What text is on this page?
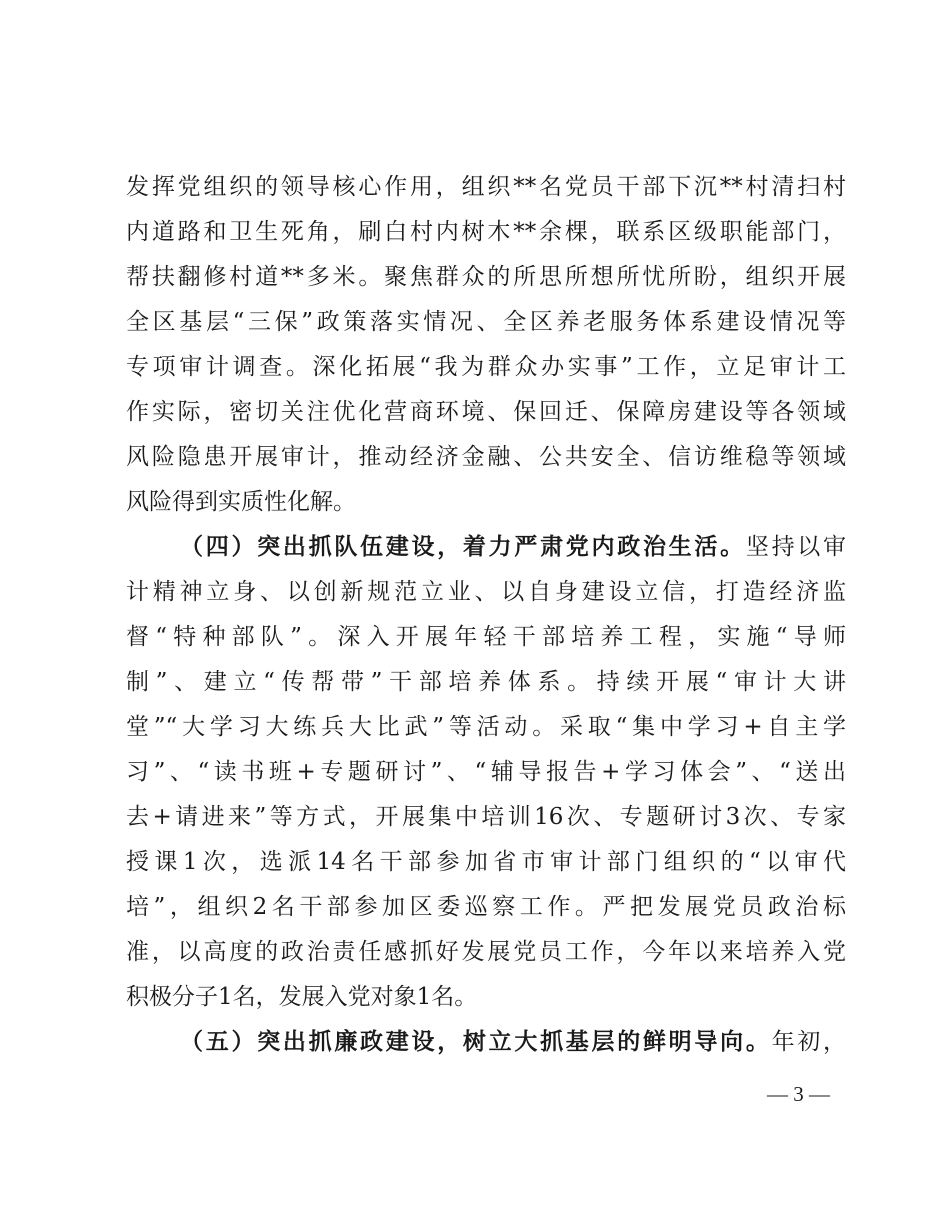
发挥党组织的领导核心作用，组织**名党员干部下沉**村清扫村
内道路和卫生死角，刷白村内树木**余棵，联系区级职能部门，
帮扶翻修村道**多米。聚焦群众的所思所想所忧所盼，组织开展
全区基层“三保”政策落实情况、全区养老服务体系建设情况等
专项审计调查。深化拓展“我为群众办实事”工作，立足审计工
作实际，密切关注优化营商环境、保回迁、保障房建设等各领域
风险隐患开展审计，推动经济金融、公共安全、信访维稳等领域
风险得到实质性化解。
（四）突出抓队伍建设，着力严肃党内政治生活。坚持以审
计精神立身、以创新规范立业、以自身建设立信，打造经济监
督“特种部队”。深入开展年轻干部培养工程，实施“导师
制”、建立“传帮带”干部培养体系。持续开展“审计大讲
堂”“大学习大练兵大比武”等活动。采取“集中学习+自主学
习”、“读书班+专题研讨”、“辅导报告+学习体会”、“送出
去+请进来”等方式，开展集中培训16次、专题研讨3次、专家
授课1次，选派14名干部参加省市审计部门组织的“以审代
培”，组织2名干部参加区委巡察工作。严把发展党员政治标
准，以高度的政治责任感抓好发展党员工作，今年以来培养入党
积极分子1名，发展入党对象1名。
（五）突出抓廉政建设，树立大抓基层的鲜明导向。年初，
— 3 —
